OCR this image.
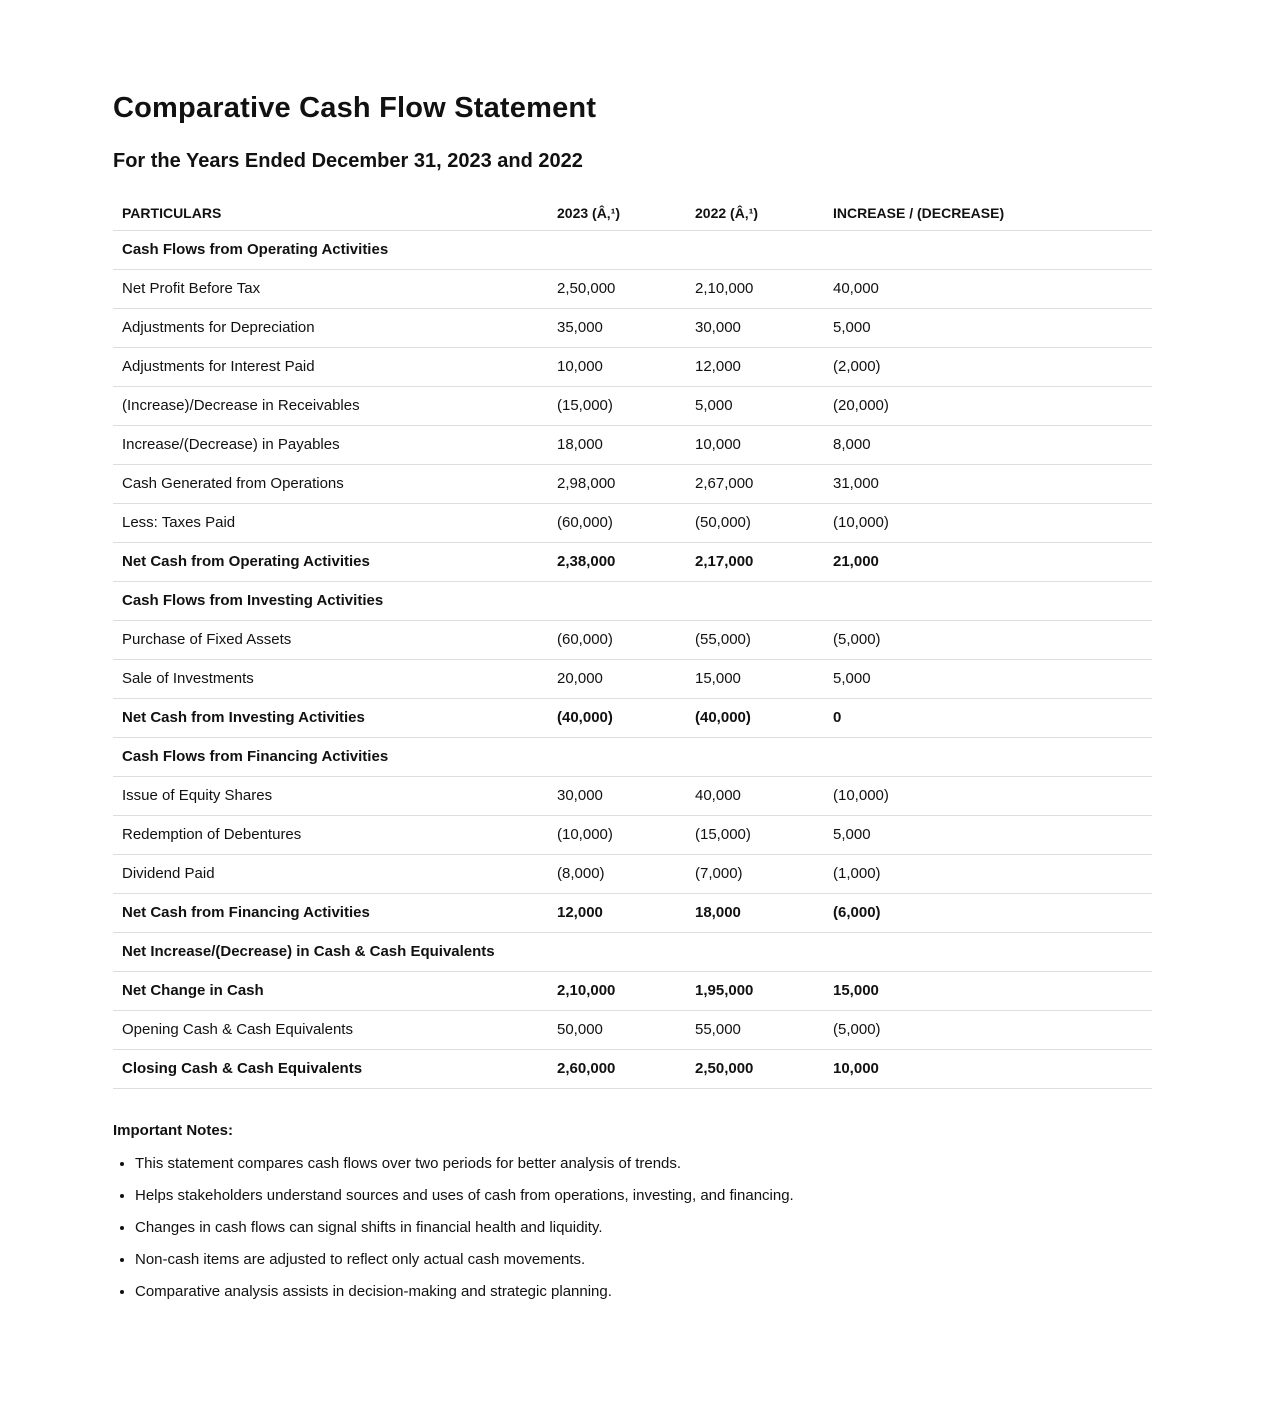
Comparative Cash Flow Statement
For the Years Ended December 31, 2023 and 2022
PARTICULARS	2023 (Â‚¹)	2022 (Â‚¹)	INCREASE / (DECREASE)
Cash Flows from Operating Activities			
Net Profit Before Tax	2,50,000	2,10,000	40,000
Adjustments for Depreciation	35,000	30,000	5,000
Adjustments for Interest Paid	10,000	12,000	(2,000)
(Increase)/Decrease in Receivables	(15,000)	5,000	(20,000)
Increase/(Decrease) in Payables	18,000	10,000	8,000
Cash Generated from Operations	2,98,000	2,67,000	31,000
Less: Taxes Paid	(60,000)	(50,000)	(10,000)
Net Cash from Operating Activities	2,38,000	2,17,000	21,000
Cash Flows from Investing Activities			
Purchase of Fixed Assets	(60,000)	(55,000)	(5,000)
Sale of Investments	20,000	15,000	5,000
Net Cash from Investing Activities	(40,000)	(40,000)	0
Cash Flows from Financing Activities			
Issue of Equity Shares	30,000	40,000	(10,000)
Redemption of Debentures	(10,000)	(15,000)	5,000
Dividend Paid	(8,000)	(7,000)	(1,000)
Net Cash from Financing Activities	12,000	18,000	(6,000)
Net Increase/(Decrease) in Cash & Cash Equivalents			
Net Change in Cash	2,10,000	1,95,000	15,000
Opening Cash & Cash Equivalents	50,000	55,000	(5,000)
Closing Cash & Cash Equivalents	2,60,000	2,50,000	10,000
Important Notes:
• This statement compares cash flows over two periods for better analysis of trends.
• Helps stakeholders understand sources and uses of cash from operations, investing, and financing.
• Changes in cash flows can signal shifts in financial health and liquidity.
• Non-cash items are adjusted to reflect only actual cash movements.
• Comparative analysis assists in decision-making and strategic planning.
